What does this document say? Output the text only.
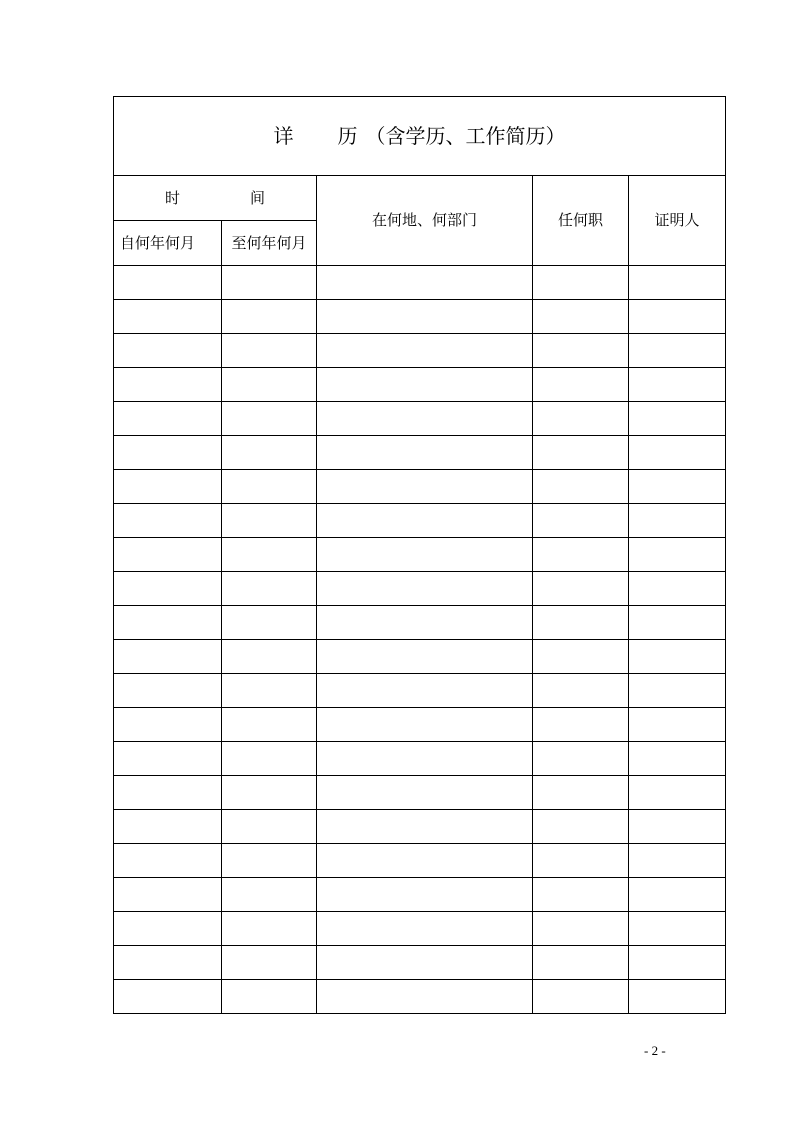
详 历 （含学历、工作简历）				
时 间		在何地、何部门	任何职	证明人
自何年何月	至何年何月			

- 2 -
